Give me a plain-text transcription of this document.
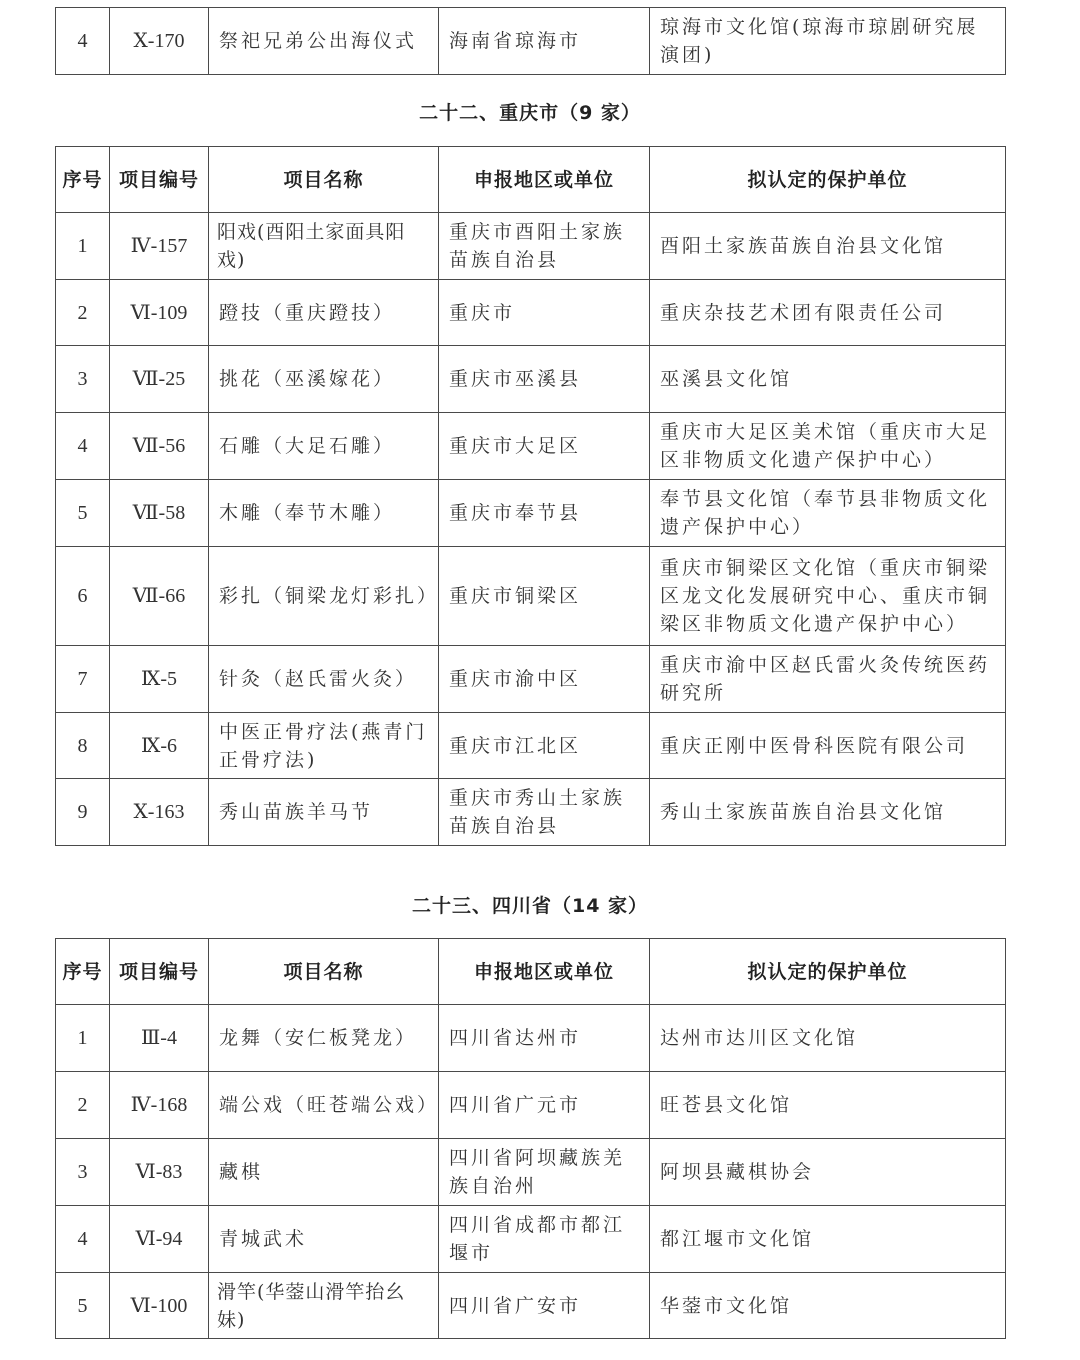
4	Ⅹ-170	祭祀兄弟公出海仪式	海南省琼海市	琼海市文化馆(琼海市琼剧研究展演团)
二十二、重庆市（9 家）
序号	项目编号	项目名称	申报地区或单位	拟认定的保护单位
1	Ⅳ-157	阳戏(酉阳土家面具阳戏)	重庆市酉阳土家族苗族自治县	酉阳土家族苗族自治县文化馆
2	Ⅵ-109	蹬技（重庆蹬技）	重庆市	重庆杂技艺术团有限责任公司
3	Ⅶ-25	挑花（巫溪嫁花）	重庆市巫溪县	巫溪县文化馆
4	Ⅶ-56	石雕（大足石雕）	重庆市大足区	重庆市大足区美术馆（重庆市大足区非物质文化遗产保护中心）
5	Ⅶ-58	木雕（奉节木雕）	重庆市奉节县	奉节县文化馆（奉节县非物质文化遗产保护中心）
6	Ⅶ-66	彩扎（铜梁龙灯彩扎）	重庆市铜梁区	重庆市铜梁区文化馆（重庆市铜梁区龙文化发展研究中心、重庆市铜梁区非物质文化遗产保护中心）
7	Ⅸ-5	针灸（赵氏雷火灸）	重庆市渝中区	重庆市渝中区赵氏雷火灸传统医药研究所
8	Ⅸ-6	中医正骨疗法(燕青门正骨疗法)	重庆市江北区	重庆正刚中医骨科医院有限公司
9	Ⅹ-163	秀山苗族羊马节	重庆市秀山土家族苗族自治县	秀山土家族苗族自治县文化馆
二十三、四川省（14 家）
序号	项目编号	项目名称	申报地区或单位	拟认定的保护单位
1	Ⅲ-4	龙舞（安仁板凳龙）	四川省达州市	达州市达川区文化馆
2	Ⅳ-168	端公戏（旺苍端公戏）	四川省广元市	旺苍县文化馆
3	Ⅵ-83	藏棋	四川省阿坝藏族羌族自治州	阿坝县藏棋协会
4	Ⅵ-94	青城武术	四川省成都市都江堰市	都江堰市文化馆
5	Ⅵ-100	滑竿(华蓥山滑竿抬幺妹)	四川省广安市	华蓥市文化馆
